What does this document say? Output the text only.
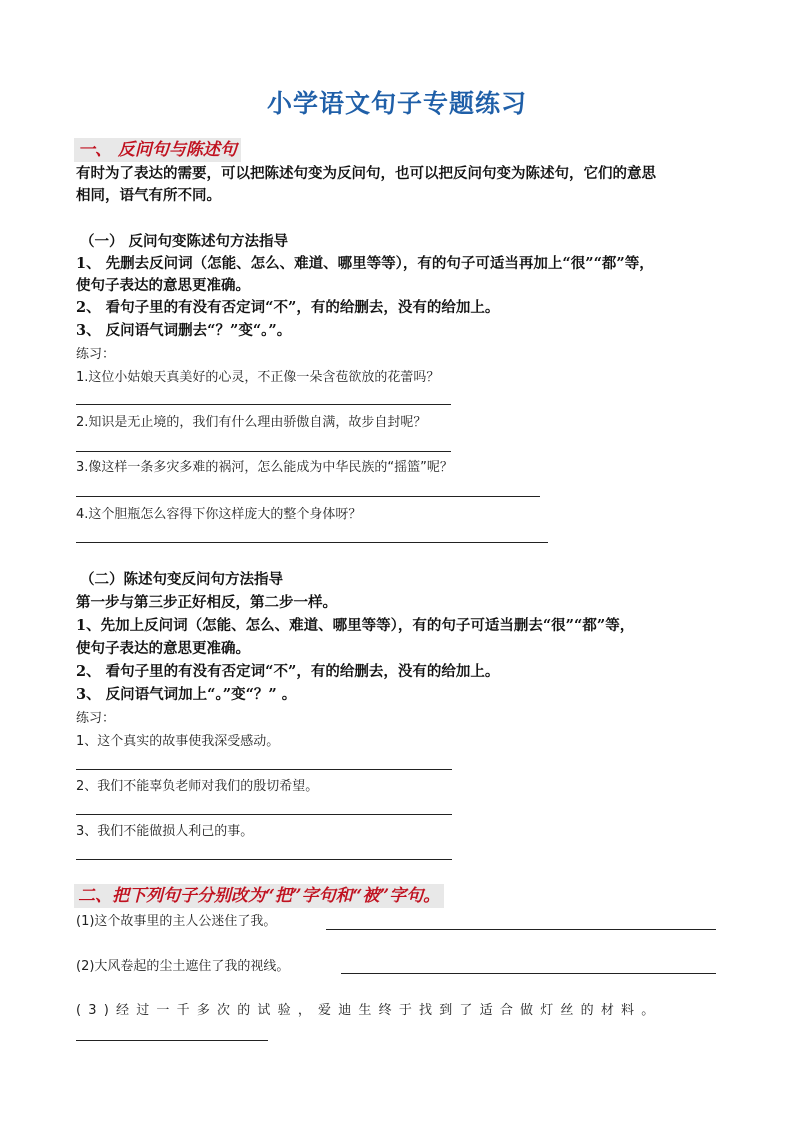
小学语文句子专题练习
一、 反问句与陈述句
有时为了表达的需要，可以把陈述句变为反问句，也可以把反问句变为陈述句，它们的意思
相同，语气有所不同。
（一） 反问句变陈述句方法指导
1、 先删去反问词（怎能、怎么、难道、哪里等等），有的句子可适当再加上“很”“都”等，
使句子表达的意思更准确。
2、 看句子里的有没有否定词“不”，有的给删去，没有的给加上。
3、 反问语气词删去“？”变“。”。
练习：
1.这位小姑娘天真美好的心灵，不正像一朵含苞欲放的花蕾吗？
2.知识是无止境的，我们有什么理由骄傲自满，故步自封呢？
3.像这样一条多灾多难的祸河，怎么能成为中华民族的“摇篮”呢？
4.这个胆瓶怎么容得下你这样庞大的整个身体呀？
（二）陈述句变反问句方法指导
第一步与第三步正好相反，第二步一样。
1、先加上反问词（怎能、怎么、难道、哪里等等），有的句子可适当删去“很”“都”等，
使句子表达的意思更准确。
2、 看句子里的有没有否定词“不”，有的给删去，没有的给加上。
3、 反问语气词加上“。”变“？” 。
练习：
1、这个真实的故事使我深受感动。
2、我们不能辜负老师对我们的殷切希望。
3、我们不能做损人利己的事。
二、把下列句子分别改为“把”字句和“被”字句。
(1)这个故事里的主人公迷住了我。
(2)大风卷起的尘土遮住了我的视线。
(3)经过一千多次的试验，爱迪生终于找到了适合做灯丝的材料。
